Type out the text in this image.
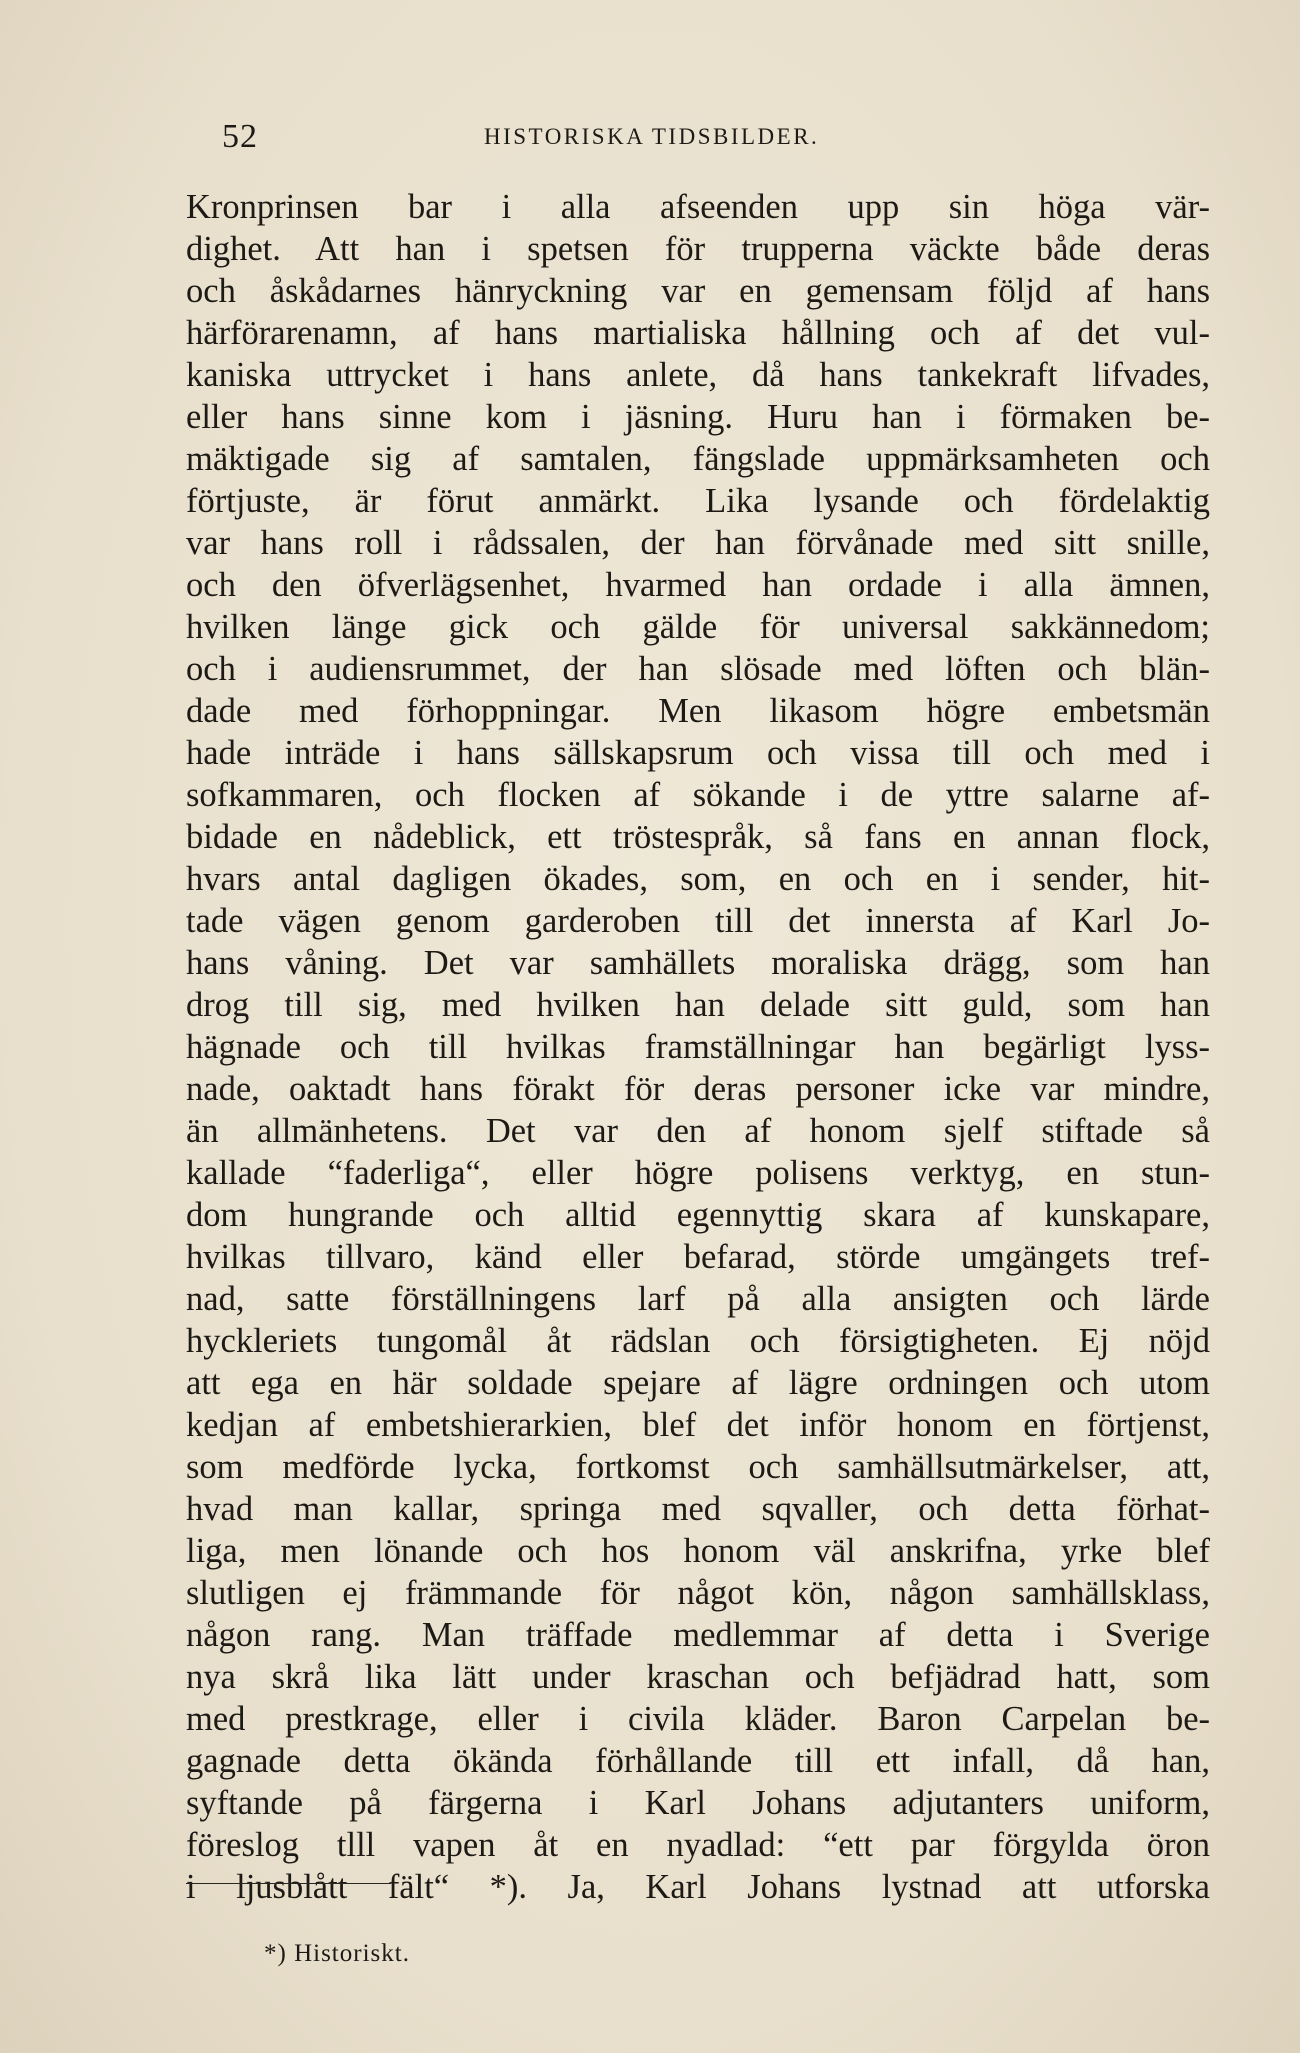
52	HISTORISKA TIDSBILDER.
Kronprinsen bar i alla afseenden upp sin höga vär-
dighet. Att han i spetsen för trupperna väckte både deras
och åskådarnes hänryckning var en gemensam följd af hans
härförarenamn, af hans martialiska hållning och af det vul-
kaniska uttrycket i hans anlete, då hans tankekraft lifvades,
eller hans sinne kom i jäsning. Huru han i förmaken be-
mäktigade sig af samtalen, fängslade uppmärksamheten och
förtjuste, är förut anmärkt. Lika lysande och fördelaktig
var hans roll i rådssalen, der han förvånade med sitt snille,
och den öfverlägsenhet, hvarmed han ordade i alla ämnen,
hvilken länge gick och gälde för universal sakkännedom;
och i audiensrummet, der han slösade med löften och blän-
dade med förhoppningar. Men likasom högre embetsmän
hade inträde i hans sällskapsrum och vissa till och med i
sofkammaren, och flocken af sökande i de yttre salarne af-
bidade en nådeblick, ett tröstespråk, så fans en annan flock,
hvars antal dagligen ökades, som, en och en i sender, hit-
tade vägen genom garderoben till det innersta af Karl Jo-
hans våning. Det var samhällets moraliska drägg, som han
drog till sig, med hvilken han delade sitt guld, som han
hägnade och till hvilkas framställningar han begärligt lyss-
nade, oaktadt hans förakt för deras personer icke var mindre,
än allmänhetens. Det var den af honom sjelf stiftade så
kallade “faderliga“, eller högre polisens verktyg, en stun-
dom hungrande och alltid egennyttig skara af kunskapare,
hvilkas tillvaro, känd eller befarad, störde umgängets tref-
nad, satte förställningens larf på alla ansigten och lärde
hyckleriets tungomål åt rädslan och försigtigheten. Ej nöjd
att ega en här soldade spejare af lägre ordningen och utom
kedjan af embetshierarkien, blef det inför honom en förtjenst,
som medförde lycka, fortkomst och samhällsutmärkelser, att,
hvad man kallar, springa med sqvaller, och detta förhat-
liga, men lönande och hos honom väl anskrifna, yrke blef
slutligen ej främmande för något kön, någon samhällsklass,
någon rang. Man träffade medlemmar af detta i Sverige
nya skrå lika lätt under kraschan och befjädrad hatt, som
med prestkrage, eller i civila kläder. Baron Carpelan be-
gagnade detta ökända förhållande till ett infall, då han,
syftande på färgerna i Karl Johans adjutanters uniform,
föreslog tlll vapen åt en nyadlad: “ett par förgylda öron
i ljusblått fält“ *). Ja, Karl Johans lystnad att utforska
*) Historiskt.
